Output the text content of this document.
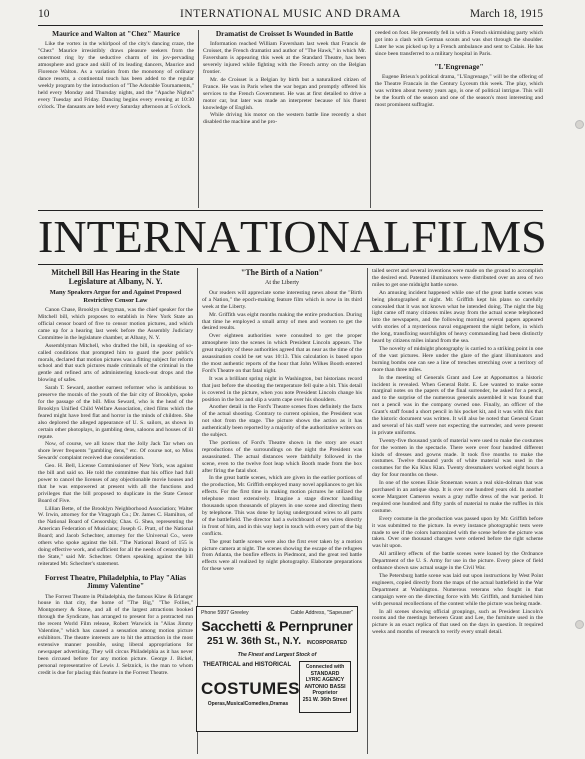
10	INTERNATIONAL MUSIC AND DRAMA	March 18, 1915
Maurice and Walton at "Chez" Maurice

Like the vortex in the whirlpool of the city's dancing craze, the "Chez" Maurice irresistibly draws pleasure seekers from the outermost ring by the seductive charm of its jov-pervading atmosphere and grace and skill of its leading dancers, Maurice and Florence Walton. As a variation from the monotony of ordinary dance resorts, a continental touch has been added to the regular weekly program by the introduction of "The Adorable Tournaments," held every Monday and Thursday nights, and the "Apache Nights" every Tuesday and Friday. Dancing begins every evening at 10:30 o'clock. The dansants are held every Saturday afternoon at 5 o'clock.

Dramatist de Croisset Is Wounded in Battle

Information reached William Faversham last week that Francis de Croisset, the French dramatist and author of "The Hawk," in which Mr. Faversham is appearing this week at the Standard Theatre, has been severely injured while fighting with the French army on the Belgian frontier.

Mr. de Croisset is a Belgian by birth but a naturalized citizen of France. He was in Paris when the war began and promptly offered his services to the French Government. He was at first detailed to drive a motor car, but later was made an interpreter because of his fluent knowledge of English.

While driving his motor on the western battle line recently a shot disabled the machine and he pro-

ceeded on foot. He presently fell in with a French skirmishing party which got into a clash with German scouts and was shot through the shoulder. Later he was picked up by a French ambulance and sent to Calais. He has since been transferred to a military hospital in Paris.

"L'Engrenage"

Eugene Brieux's political drama, "L'Engrenage," will be the offering of the Theatre Francais in the Century Lyceum this week. The play, which was written about twenty years ago, is one of political intrigue. This will be the fourth of the season and one of the season's most interesting and most prominent suffragist.

I N T E R N A T I O N A L F I L M S
Mitchell Bill Has Hearing in the State Legislature at Albany, N. Y.
Many Speakers Argue for and Against Proposed Restrictive Censor Law

Canon Chase, Brooklyn clergyman, was the chief speaker for the Mitchell bill, which proposes to establish in New York State an official censor board of five to censor motion pictures, and which came up for a hearing last week before the Assembly Judiciary Committee in the legislature chamber, at Albany, N. Y.

Assemblyman Mitchell, who drafted the bill, in speaking of so-called conditions that prompted him to guard the poor public's morals, declared that motion pictures was a fitting subject for reform school and that such pictures made criminals of the criminal in the gentle and refined arts of administering knock-out drops and the blowing of safes.

Sarah T. Seward, another earnest reformer who is ambitious to preserve the morals of the youth of the fair city of Brooklyn, spoke for the passage of the bill. Miss Seward, who is the head of the Brooklyn Unified Child Welfare Association, cited films which the feared might have bred flat and horror in the minds of children. She also deplored the alleged appearance of U. S. sailors, as shown in certain other photoplays, in gambling dens, saloons and houses of ill repute.

Now, of course, we all know that the Jolly Jack Tar when on shore lever frequents "gambling dens," etc. Of course not, so Miss Sewards' complaint received due consideration.

Geo. H. Bell, License Commissioner of New York, was against the bill and said so. He told the committee that his office had full power to cancel the licenses of any objectionable movie houses and that he was empowered at present with all the functions and privileges that the bill proposed to duplicate in the State Censor Board of Five.

Lillian Bette, of the Brooklyn Neighborhood Association; Walter W. Irwin, attorney for the Vitagraph Co.; Dr. James C. Hamilton, of the National Board of Censorship; Chas. G. Shea, representing the American Federation of Musicians; Joseph G. Pratt, of the National Board; and Jacob Schechter, attorney for the Universal Co., were others who spoke against the bill. "The National Board of 155 is doing effective work, and sufficient for all the needs of censorship in the State," said Mr. Schechter. Others speaking against the bill reiterated Mr. Schechter's statement.

Forrest Theatre, Philadelphia, to Play "Alias Jimmy Valentine"

The Forrest Theatre in Philadelphia, the famous Klaw & Erlanger house in that city, the home of "The Big," "The Follies," Montgomery & Stone, and all of the largest attractions booked through the Syndicate, has arranged to present for a protracted run the recent World Film release, Robert Warwick in "Alias Jimmy Valentine," which has caused a sensation among motion picture exhibitors. The theatre interests are to hit the attraction in the most extensive manner possible, using liberal appropriations for newspaper advertising. They will circus Philadelphia as it has never been circused before for any motion picture. George J. Bickel, personal representative of Lewis J. Selznick, is the man to whom credit is due for placing this feature in the Forrest Theatre.

"The Birth of a Nation"

At the Liberty

Our readers will appreciate some interesting news about the "Birth of a Nation," the epoch-making feature film which is now in its third week at the Liberty.

Mr. Griffith was eight months making the entire production. During that time he employed a small army of men and women to get the desired results.

Over eighteen authorities were consulted to get the proper atmosphere into the scenes in which President Lincoln appears. The great majority of these authorities agreed that as near as the time of the assassination could be set was 10:13. This calculation is based upon the most authentic reports of the hour that John Wilkes Booth entered Ford's Theatre on that fatal night.

It was a brilliant spring night in Washington, but historians record that just before the shooting the temperature fell quite a bit. This detail is covered in the picture, when you note President Lincoln change his position in the box and slip a warm cape over his shoulders.

Another detail in the Ford's Theatre scenes fixes definitely the facts of the actual shooting. Contrary to current opinion, the President was not shot from the stage. The picture shows the action as it has authentically been reported by a majority of the authoritative writers on the subject.

The portions of Ford's Theatre shown in the story are exact reproductions of the surroundings on the night the President was assassinated. The actual distances were faithfully followed in the scene, even to the twelve foot leap which Booth made from the box after firing the fatal shot.

In the great battle scenes, which are given in the earlier portions of the production, Mr. Griffith employed many novel appliances to get his effects. For the first time in making motion pictures he utilized the telephone most extensively. Imagine a stage director handling thousands upon thousands of players in one scene and directing them by telephone. This was done by laying underground wires to all parts of the battlefield. The director had a switchboard of ten wires directly in front of him, and in this way kept in touch with every part of the big conflicts.

The great battle scenes were also the first ever taken by a motion picture camera at night. The scenes showing the escape of the refugees from Atlanta, the bonfire effects in Piedmont, and the great red battle effects were all realized by night photography. Elaborate preparations for these were

tailed secret and several inventions were made on the ground to accomplish the desired end. Patented illuminators were distributed over an area of two miles to get one midnight battle scene.

An amusing incident happened while one of the great battle scenes was being photographed at night. Mr. Griffith kept his plans so carefully concealed that it was not known what he intended doing. The night the big light came off many citizens miles away from the actual scene telephoned into the newspapers, and the following morning several papers appeared with stories of a mysterious naval engagement the night before, in which the long, transfixing searchlights of heavy commanding had been distinctly heard by citizens miles inland from the sea.

The novelty of midnight photography is carried to a striking point in one of the vast pictures. Here under the glare of the giant illuminators and burning bombs one can see a line of trenches stretching over a territory of more than three miles.

In the meeting of Generals Grant and Lee at Appomattox a historic incident is revealed. When General Robt. E. Lee wanted to make some marginal notes on the papers of the final surrender, he asked for a pencil, and to the surprise of the numerous generals assembled it was found that not a pencil was in the company owned one. Finally, an officer of the Grant's staff found a short pencil in his pocket kit, and it was with this that the historic document was written. It will also be noted that General Grant and several of his staff were not expecting the surrender, and were present in private uniforms.

Twenty-five thousand yards of material were used to make the costumes for the women in the spectacle. There were over four hundred different kinds of dresses and gowns made. It took five months to make the costumes. Twelve thousand yards of white material was used in the costumes for the Ku Klux Klan. Twenty dressmakers worked eight hours a day for four months on these.

In one of the scenes Elsie Stoneman wears a real skin-dolman that was purchased in an antique shop. It is over one hundred years old. In another scene Margaret Cameron wears a gray ruffle dress of the war period. It required one hundred and fifty yards of material to make the ruffles in this costume.

Every costume in the production was passed upon by Mr. Griffith before it was submitted to the picture. In every instance photographic tests were made to see if the colors harmonized with the scene before the picture was taken. Over one thousand changes were ordered before the right scheme was hit upon.

All artillery effects of the battle scenes were loaned by the Ordnance Department of the U. S. Army for use in the picture. Every piece of field ordnance shown saw actual usage in the Civil War.

The Petersburg battle scene was laid out upon instructions by West Point engineers, copied directly from the maps of the actual battlefield in the War Department at Washington. Numerous veterans who fought in that campaign were on the directing force with Mr. Griffith, and furnished him with personal recollections of the contest while the picture was being made.

In all scenes showing official groupings, such as President Lincoln's rooms and the meetings between Grant and Lee, the furniture used in the picture is an exact replica of that used on the days in question. It required weeks and months of research to verify every small detail.

Phone 5997 Greeley	Cable Address, "Sapeuser"
Sacchetti & Pernpruner
251 W. 36th St., N.Y. INCORPORATED
The Finest and Largest Stock of
THEATRICAL and HISTORICAL
COSTUMES
Operas,MusicalComedies,Dramas
Connected with
STANDARD
LYRIC AGENCY
ANTONIO BASSI
Proprietor
251 W. 36th Street
